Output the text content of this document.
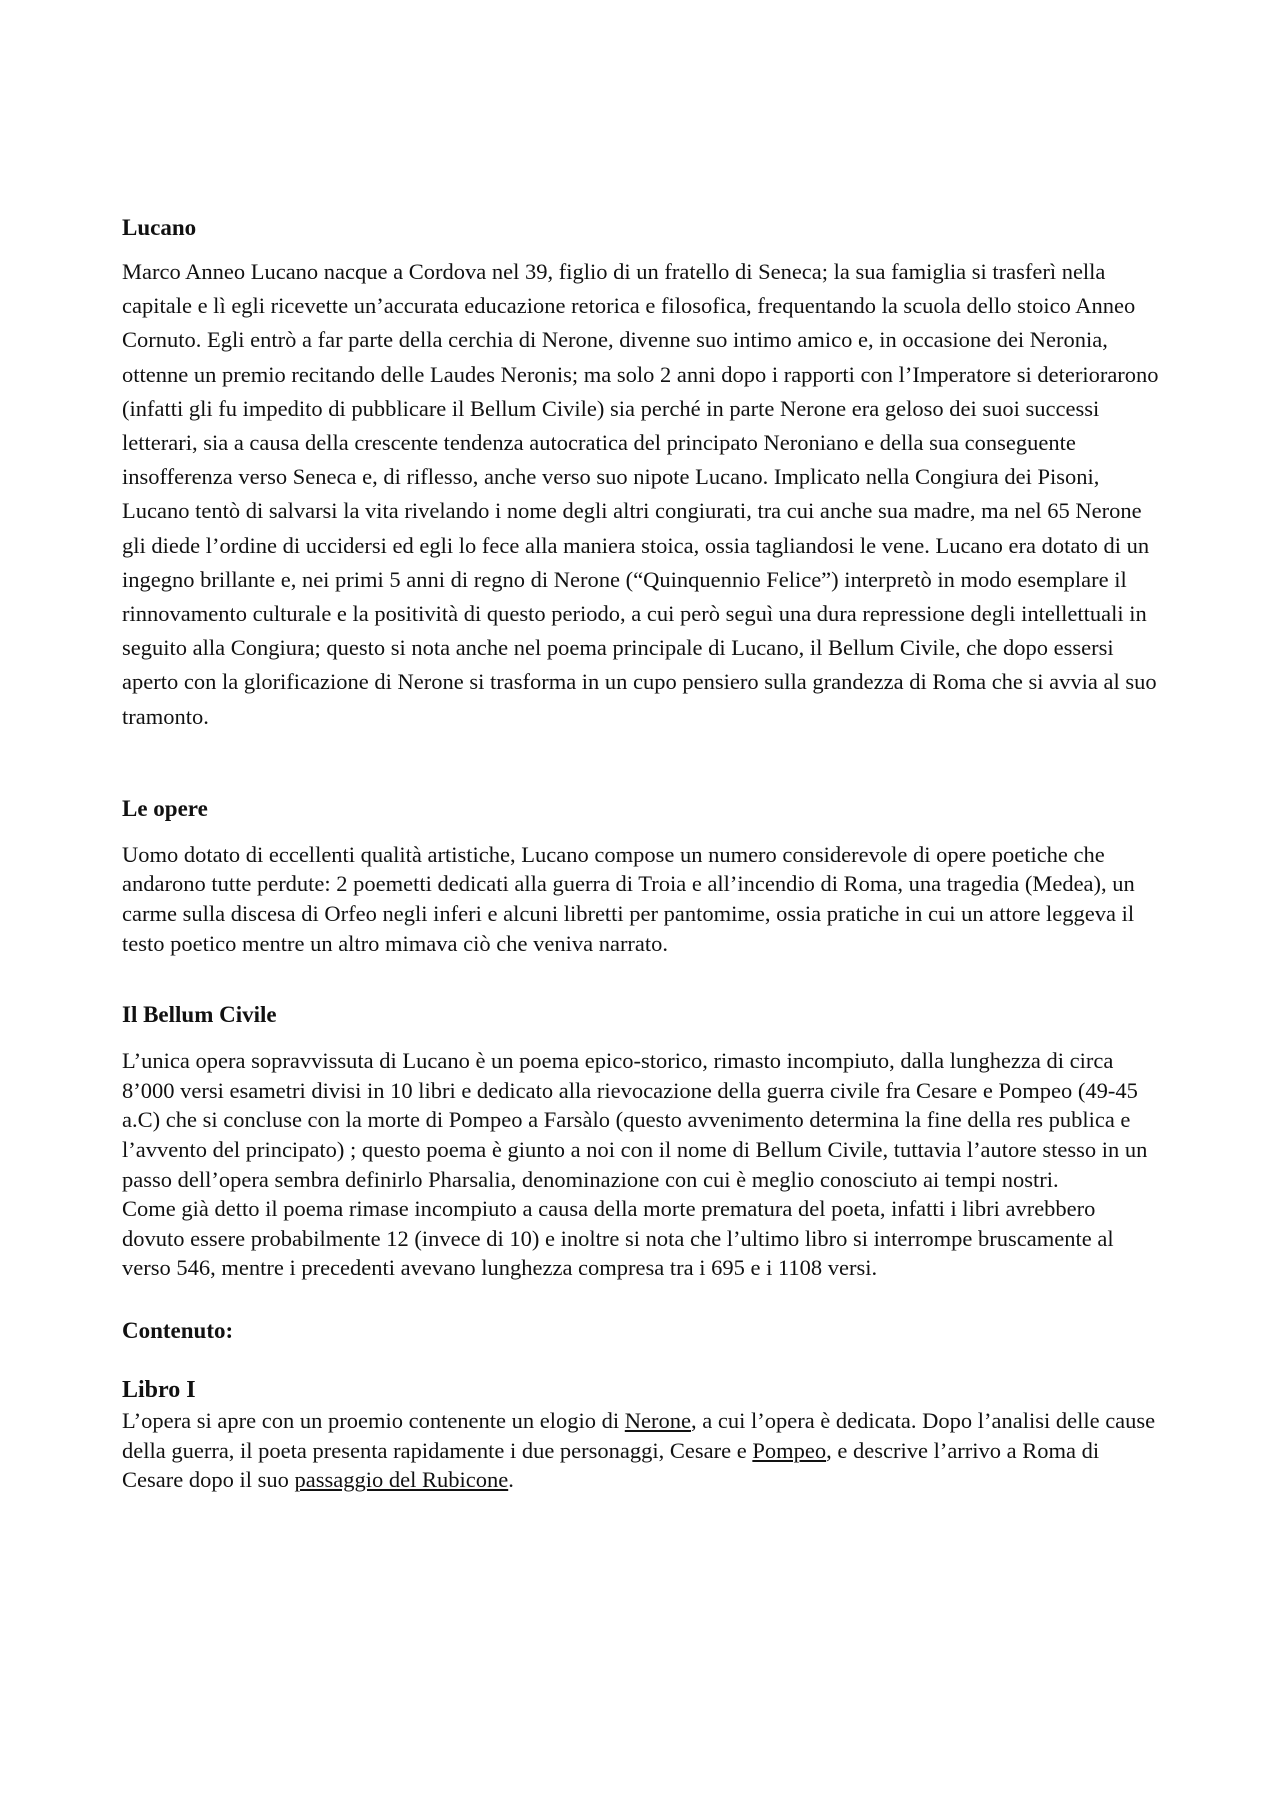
Lucano

Marco Anneo Lucano nacque a Cordova nel 39, figlio di un fratello di Seneca; la sua famiglia si trasferì nella capitale e lì egli ricevette un’accurata educazione retorica e filosofica, frequentando la scuola dello stoico Anneo Cornuto. Egli entrò a far parte della cerchia di Nerone, divenne suo intimo amico e, in occasione dei Neronia, ottenne un premio recitando delle Laudes Neronis; ma solo 2 anni dopo i rapporti con l’Imperatore si deteriorarono (infatti gli fu impedito di pubblicare il Bellum Civile) sia perché in parte Nerone era geloso dei suoi successi letterari, sia a causa della crescente tendenza autocratica del principato Neroniano e della sua conseguente insofferenza verso Seneca e, di riflesso, anche verso suo nipote Lucano. Implicato nella Congiura dei Pisoni, Lucano tentò di salvarsi la vita rivelando i nome degli altri congiurati, tra cui anche sua madre, ma nel 65 Nerone gli diede l’ordine di uccidersi ed egli lo fece alla maniera stoica, ossia tagliandosi le vene. Lucano era dotato di un ingegno brillante e, nei primi 5 anni di regno di Nerone (“Quinquennio Felice”) interpretò in modo esemplare il rinnovamento culturale e la positività di questo periodo, a cui però seguì una dura repressione degli intellettuali in seguito alla Congiura; questo si nota anche nel poema principale di Lucano, il Bellum Civile, che dopo essersi aperto con la glorificazione di Nerone si trasforma in un cupo pensiero sulla grandezza di Roma che si avvia al suo tramonto.

Le opere

Uomo dotato di eccellenti qualità artistiche, Lucano compose un numero considerevole di opere poetiche che andarono tutte perdute: 2 poemetti dedicati alla guerra di Troia e all’incendio di Roma, una tragedia (Medea), un carme sulla discesa di Orfeo negli inferi e alcuni libretti per pantomime, ossia pratiche in cui un attore leggeva il testo poetico mentre un altro mimava ciò che veniva narrato.

Il Bellum Civile

L’unica opera sopravvissuta di Lucano è un poema epico-storico, rimasto incompiuto, dalla lunghezza di circa 8’000 versi esametri divisi in 10 libri e dedicato alla rievocazione della guerra civile fra Cesare e Pompeo (49-45 a.C) che si concluse con la morte di Pompeo a Farsàlo (questo avvenimento determina la fine della res publica e l’avvento del principato) ; questo poema è giunto a noi con il nome di Bellum Civile, tuttavia l’autore stesso in un passo dell’opera sembra definirlo Pharsalia, denominazione con cui è meglio conosciuto ai tempi nostri.

Come già detto il poema rimase incompiuto a causa della morte prematura del poeta, infatti i libri avrebbero dovuto essere probabilmente 12 (invece di 10) e inoltre si nota che l’ultimo libro si interrompe bruscamente al verso 546, mentre i precedenti avevano lunghezza compresa tra i 695 e i 1108 versi.

Contenuto:
Libro I

L’opera si apre con un proemio contenente un elogio di Nerone, a cui l’opera è dedicata. Dopo l’analisi delle cause della guerra, il poeta presenta rapidamente i due personaggi, Cesare e Pompeo, e descrive l’arrivo a Roma di Cesare dopo il suo passaggio del Rubicone.
